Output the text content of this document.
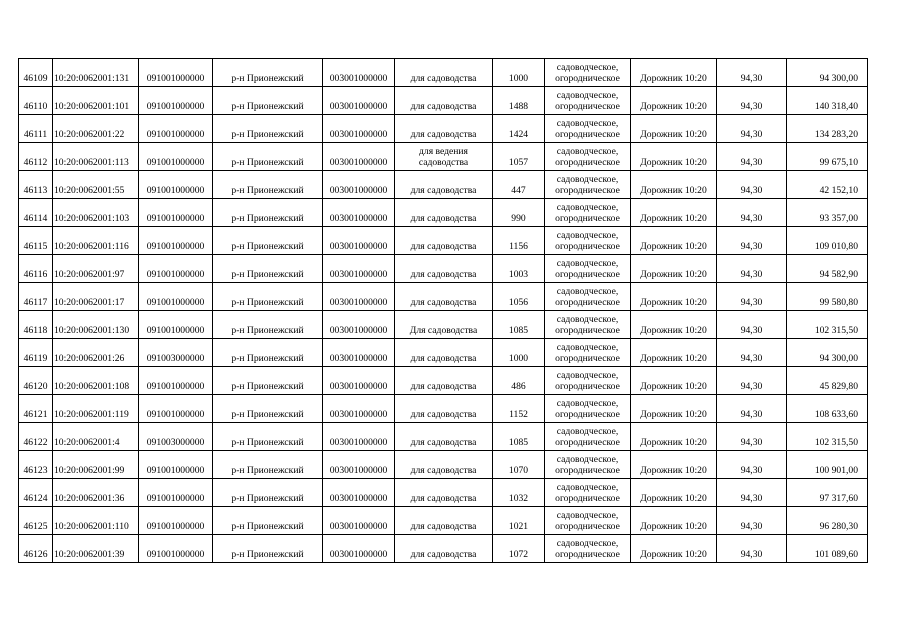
46109	10:20:0062001:131	091001000000	р-н Прионежский	003001000000	для садоводства	1000	садоводческое, огородническое	Дорожник 10:20	94,30	94 300,00

46110	10:20:0062001:101	091001000000	р-н Прионежский	003001000000	для садоводства	1488	садоводческое, огородническое	Дорожник 10:20	94,30	140 318,40

46111	10:20:0062001:22	091001000000	р-н Прионежский	003001000000	для садоводства	1424	садоводческое, огородническое	Дорожник 10:20	94,30	134 283,20

46112	10:20:0062001:113	091001000000	р-н Прионежский	003001000000	для ведения садоводства	1057	садоводческое, огородническое	Дорожник 10:20	94,30	99 675,10

46113	10:20:0062001:55	091001000000	р-н Прионежский	003001000000	для садоводства	447	садоводческое, огородническое	Дорожник 10:20	94,30	42 152,10

46114	10:20:0062001:103	091001000000	р-н Прионежский	003001000000	для садоводства	990	садоводческое, огородническое	Дорожник 10:20	94,30	93 357,00

46115	10:20:0062001:116	091001000000	р-н Прионежский	003001000000	для садоводства	1156	садоводческое, огородническое	Дорожник 10:20	94,30	109 010,80

46116	10:20:0062001:97	091001000000	р-н Прионежский	003001000000	для садоводства	1003	садоводческое, огородническое	Дорожник 10:20	94,30	94 582,90

46117	10:20:0062001:17	091001000000	р-н Прионежский	003001000000	для садоводства	1056	садоводческое, огородническое	Дорожник 10:20	94,30	99 580,80

46118	10:20:0062001:130	091001000000	р-н Прионежский	003001000000	Для садоводства	1085	садоводческое, огородническое	Дорожник 10:20	94,30	102 315,50

46119	10:20:0062001:26	091003000000	р-н Прионежский	003001000000	для садоводства	1000	садоводческое, огородническое	Дорожник 10:20	94,30	94 300,00

46120	10:20:0062001:108	091001000000	р-н Прионежский	003001000000	для садоводства	486	садоводческое, огородническое	Дорожник 10:20	94,30	45 829,80

46121	10:20:0062001:119	091001000000	р-н Прионежский	003001000000	для садоводства	1152	садоводческое, огородническое	Дорожник 10:20	94,30	108 633,60

46122	10:20:0062001:4	091003000000	р-н Прионежский	003001000000	для садоводства	1085	садоводческое, огородническое	Дорожник 10:20	94,30	102 315,50

46123	10:20:0062001:99	091001000000	р-н Прионежский	003001000000	для садоводства	1070	садоводческое, огородническое	Дорожник 10:20	94,30	100 901,00

46124	10:20:0062001:36	091001000000	р-н Прионежский	003001000000	для садоводства	1032	садоводческое, огородническое	Дорожник 10:20	94,30	97 317,60

46125	10:20:0062001:110	091001000000	р-н Прионежский	003001000000	для садоводства	1021	садоводческое, огородническое	Дорожник 10:20	94,30	96 280,30

46126	10:20:0062001:39	091001000000	р-н Прионежский	003001000000	для садоводства	1072	садоводческое, огородническое	Дорожник 10:20	94,30	101 089,60
